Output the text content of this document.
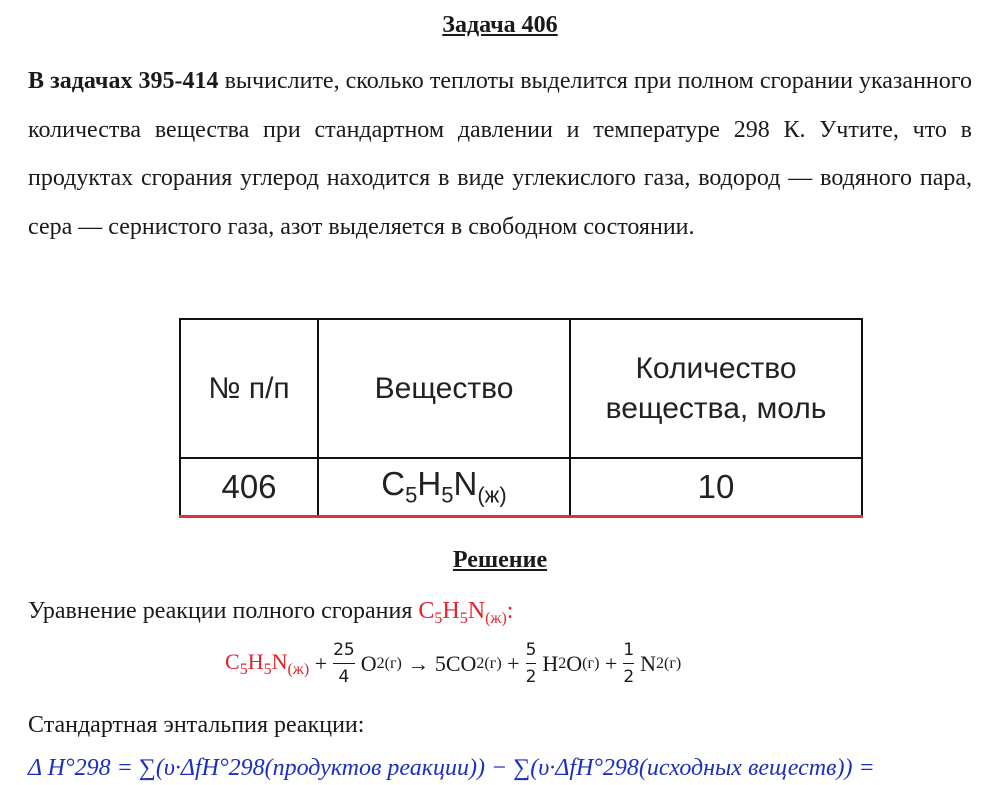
Задача 406
В задачах 395-414 вычислите, сколько теплоты выделится при полном сгорании указанного количества вещества при стандартном давлении и температуре 298 К. Учтите, что в продуктах сгорания углерод находится в виде углекислого газа, водород — водяного пара, сера — сернистого газа, азот выделяется в свободном состоянии.
№ п/п	Вещество	Количество вещества, моль
406	$C_5H_5N_{(ж)}$	10
Решение
Уравнение реакции полного сгорания $C_5H_5N_{(ж)}$:
$C_5H_5N_{(ж)} + \frac{25}{4}$ O 2(г) → 5CO $2(г) + \frac{5}{2}$ H 2 O $(г) + \frac{1}{2}$ N 2(г)
Стандартная энтальпия реакции:
Δ H°298 = ∑(υ·ΔfH°298(продуктов реакции)) − ∑(υ·ΔfH°298(исходных веществ)) =
